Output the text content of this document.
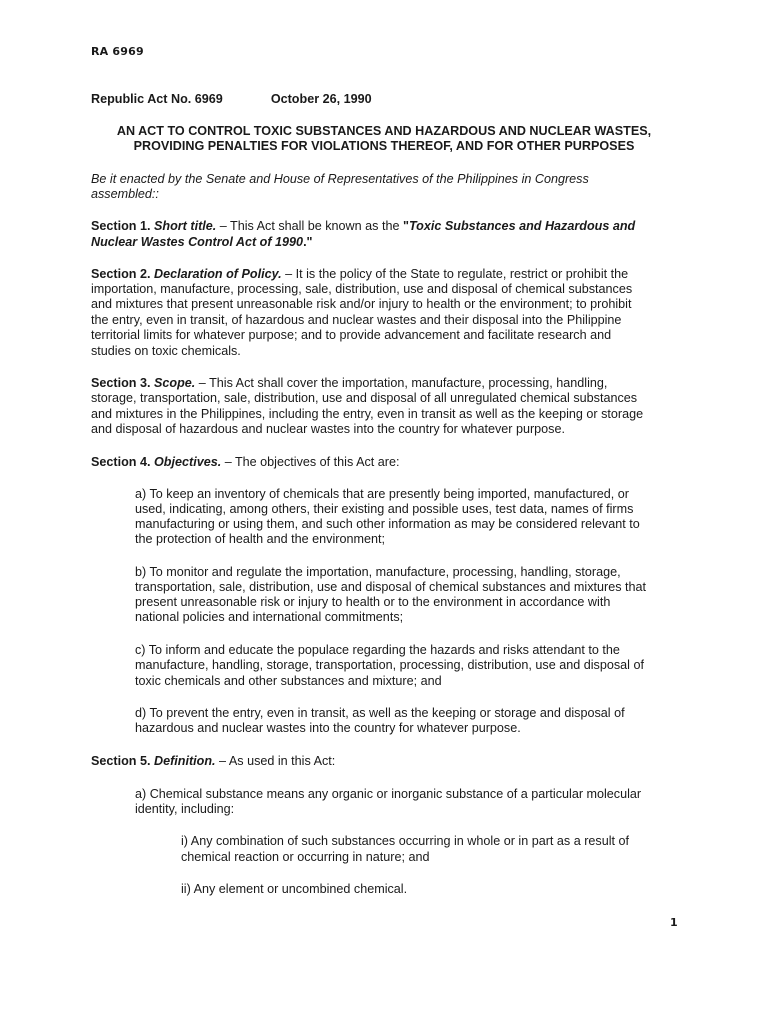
RA 6969
Republic Act No. 6969	October 26, 1990
AN ACT TO CONTROL TOXIC SUBSTANCES AND HAZARDOUS AND NUCLEAR WASTES,
PROVIDING PENALTIES FOR VIOLATIONS THEREOF, AND FOR OTHER PURPOSES
Be it enacted by the Senate and House of Representatives of the Philippines in Congress
assembled::
Section 1. Short title. – This Act shall be known as the "Toxic Substances and Hazardous and
Nuclear Wastes Control Act of 1990."
Section 2. Declaration of Policy. – It is the policy of the State to regulate, restrict or prohibit the
importation, manufacture, processing, sale, distribution, use and disposal of chemical substances
and mixtures that present unreasonable risk and/or injury to health or the environment; to prohibit
the entry, even in transit, of hazardous and nuclear wastes and their disposal into the Philippine
territorial limits for whatever purpose; and to provide advancement and facilitate research and
studies on toxic chemicals.
Section 3. Scope. – This Act shall cover the importation, manufacture, processing, handling,
storage, transportation, sale, distribution, use and disposal of all unregulated chemical substances
and mixtures in the Philippines, including the entry, even in transit as well as the keeping or storage
and disposal of hazardous and nuclear wastes into the country for whatever purpose.
Section 4. Objectives. – The objectives of this Act are:
a) To keep an inventory of chemicals that are presently being imported, manufactured, or
used, indicating, among others, their existing and possible uses, test data, names of firms
manufacturing or using them, and such other information as may be considered relevant to
the protection of health and the environment;
b) To monitor and regulate the importation, manufacture, processing, handling, storage,
transportation, sale, distribution, use and disposal of chemical substances and mixtures that
present unreasonable risk or injury to health or to the environment in accordance with
national policies and international commitments;
c) To inform and educate the populace regarding the hazards and risks attendant to the
manufacture, handling, storage, transportation, processing, distribution, use and disposal of
toxic chemicals and other substances and mixture; and
d) To prevent the entry, even in transit, as well as the keeping or storage and disposal of
hazardous and nuclear wastes into the country for whatever purpose.
Section 5. Definition. – As used in this Act:
a) Chemical substance means any organic or inorganic substance of a particular molecular
identity, including:
i) Any combination of such substances occurring in whole or in part as a result of
chemical reaction or occurring in nature; and
ii) Any element or uncombined chemical.
1
